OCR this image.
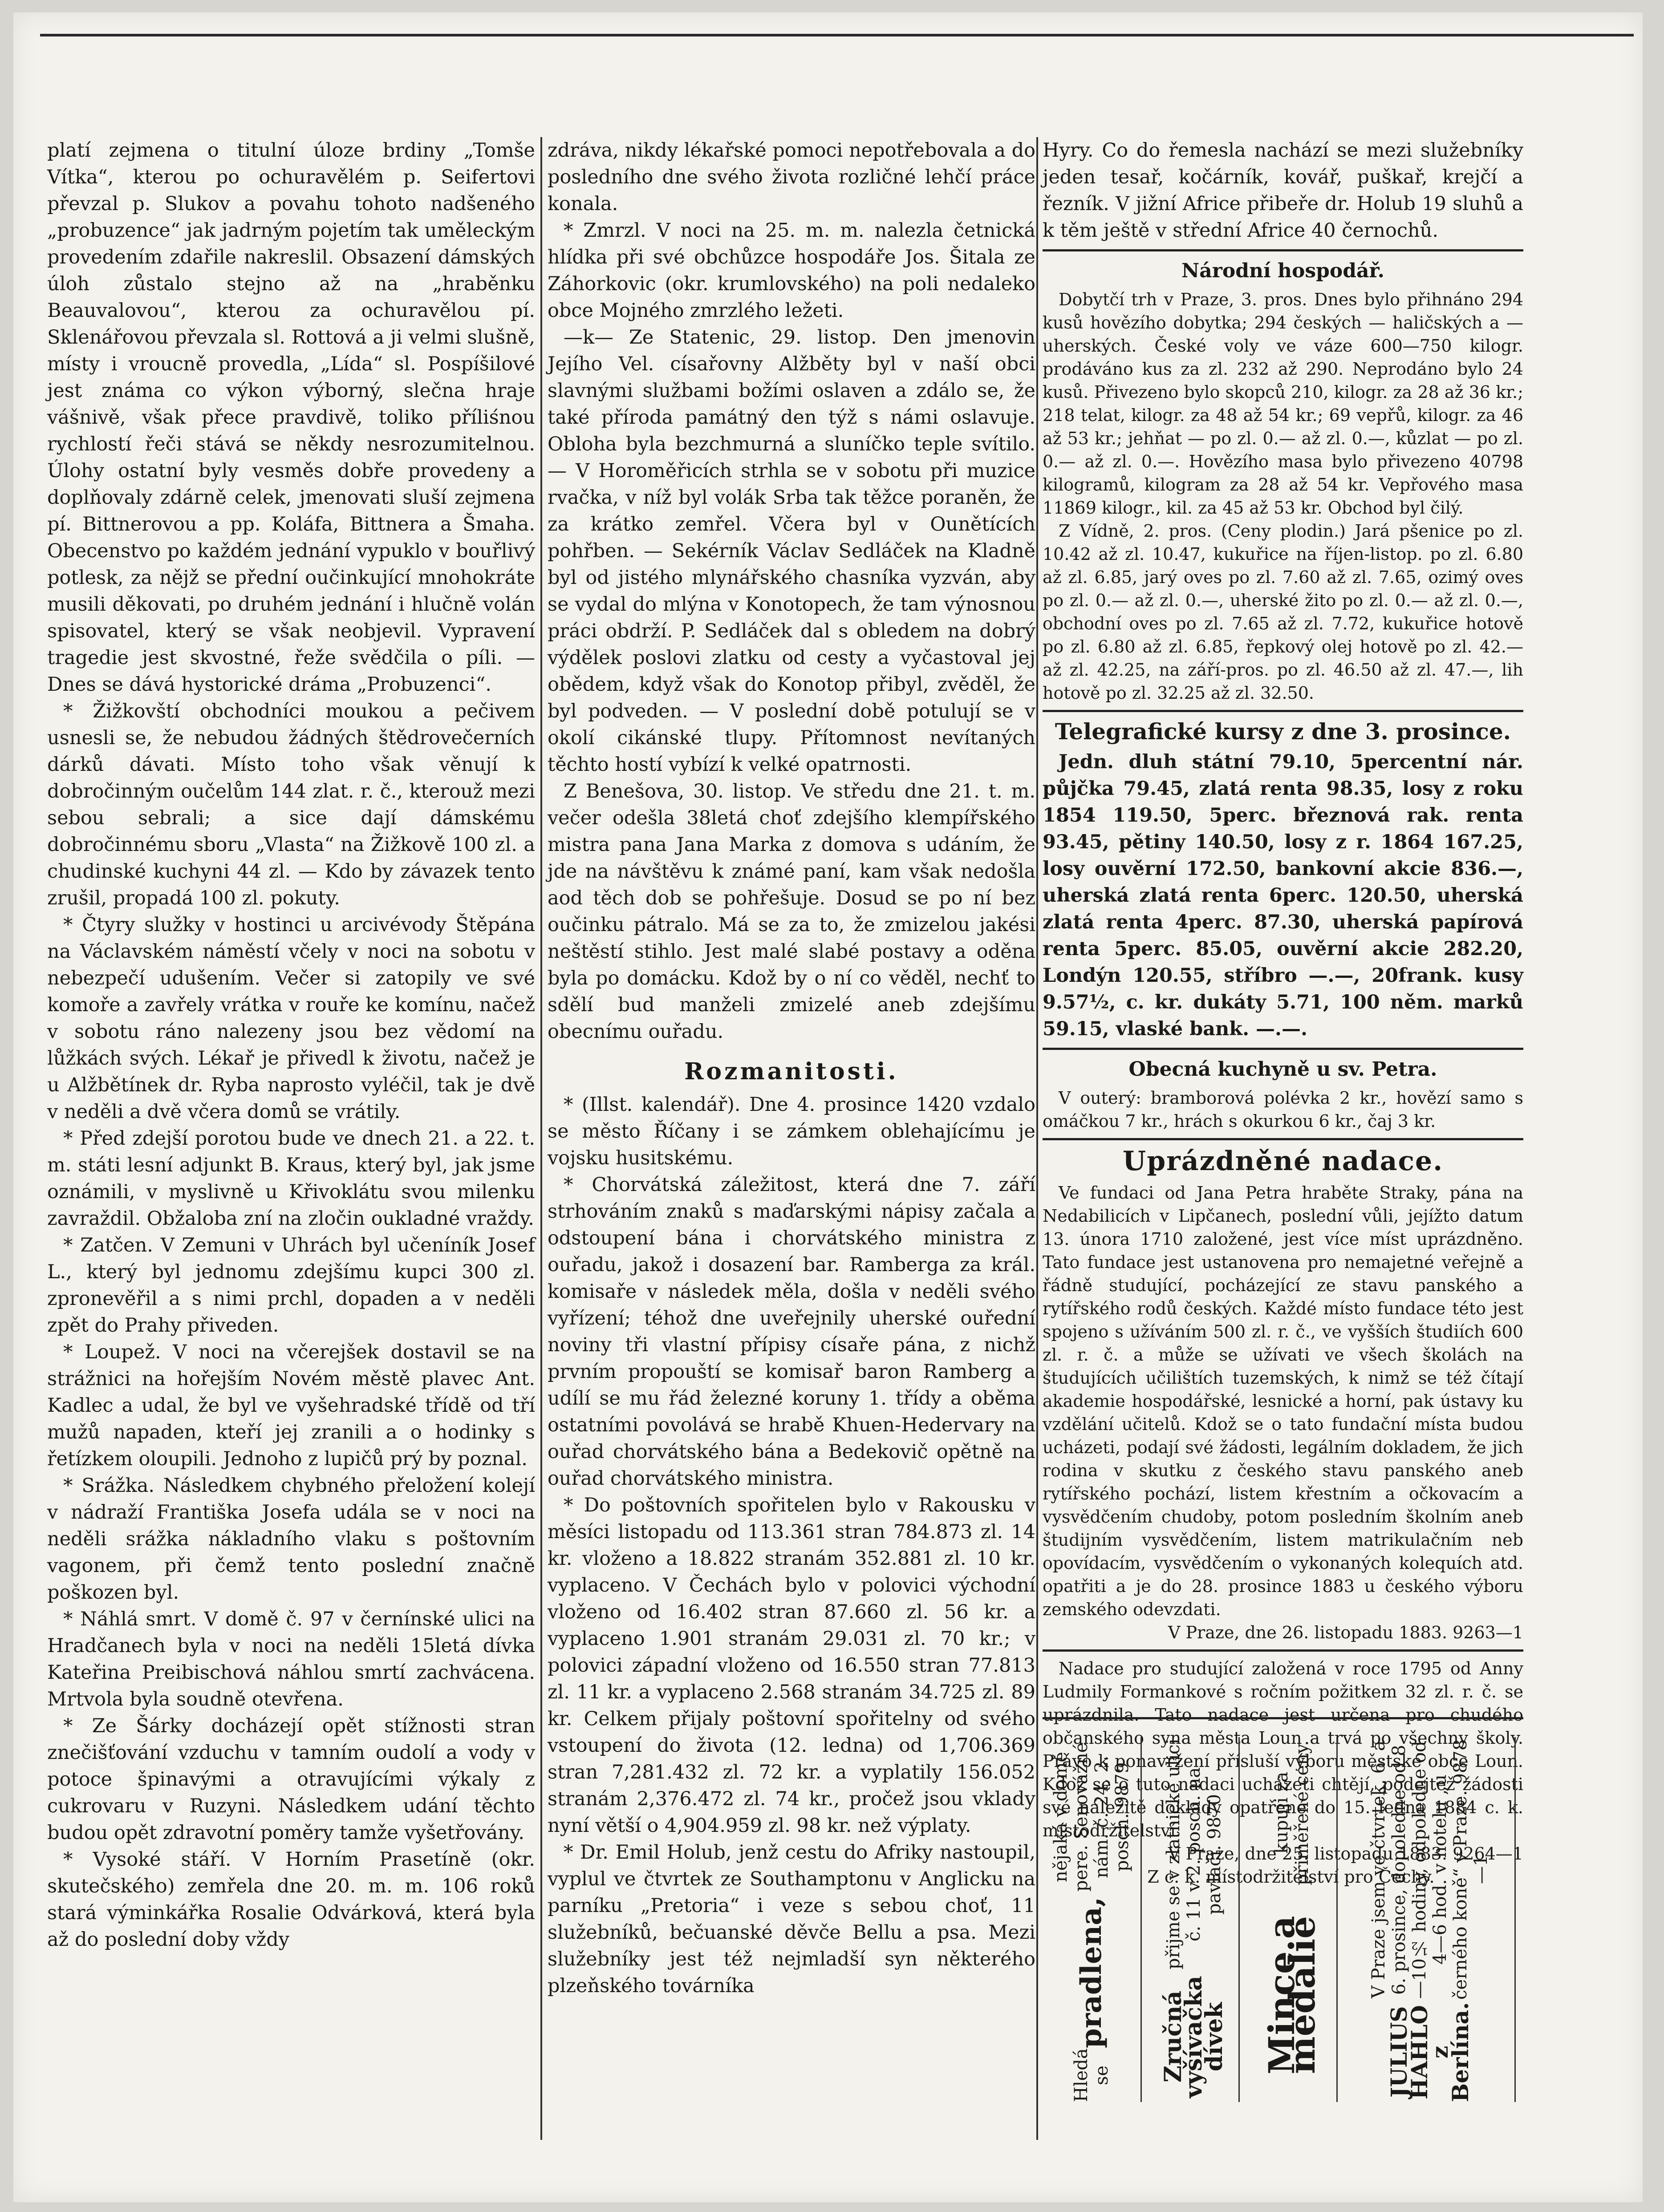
platí zejmena o titulní úloze brdiny „Tomše Vítka“, kterou po ochuravělém p. Seifertovi převzal p. Slukov a povahu tohoto nadšeného „probuzence“ jak jadrným pojetím tak uměleckým provedením zdařile nakreslil. Obsazení dámských úloh zůstalo stejno až na „hraběnku Beauvalovou“, kterou za ochuravělou pí. Sklenářovou převzala sl. Rottová a ji velmi slušně, místy i vroucně provedla, „Lída“ sl. Pospíšilové jest známa co výkon výborný, slečna hraje vášnivě, však přece pravdivě, toliko příliśnou rychlostí řeči stává se někdy nesrozumitelnou. Úlohy ostatní byly vesměs dobře provedeny a doplňovaly zdárně celek, jmenovati sluší zejmena pí. Bittnerovou a pp. Koláfa, Bittnera a Šmaha. Obecenstvo po každém jednání vypuklo v bouřlivý potlesk, za nějž se přední oučinkující mnohokráte musili děkovati, po druhém jednání i hlučně volán spisovatel, který se však neobjevil. Vypravení tragedie jest skvostné, řeže svědčila o píli. — Dnes se dává hystorické dráma „Probuzenci“.

* Žižkovští obchodníci moukou a pečivem usnesli se, že nebudou žádných štědrovečerních dárků dávati. Místo toho však věnují k dobročinným oučelům 144 zlat. r. č., kterouž mezi sebou sebrali; a sice dají dámskému dobročinnému sboru „Vlasta“ na Žižkově 100 zl. a chudinské kuchyni 44 zl. — Kdo by závazek tento zrušil, propadá 100 zl. pokuty.

* Čtyry služky v hostinci u arcivévody Štěpána na Václavském náměstí včely v noci na sobotu v nebezpečí udušením. Večer si zatopily ve své komoře a zavřely vrátka v rouře ke komínu, načež v sobotu ráno nalezeny jsou bez vědomí na lůžkách svých. Lékař je přivedl k životu, načež je u Alžbětínek dr. Ryba naprosto vyléčil, tak je dvě v neděli a dvě včera domů se vrátily.

* Před zdejší porotou bude ve dnech 21. a 22. t. m. státi lesní adjunkt B. Kraus, který byl, jak jsme oznámili, v myslivně u Křivoklátu svou milenku zavraždil. Obžaloba zní na zločin oukladné vraždy.

* Zatčen. V Zemuni v Uhrách byl učeníník Josef L., který byl jednomu zdejšímu kupci 300 zl. zpronevěřil a s nimi prchl, dopaden a v neděli zpět do Prahy přiveden.

* Loupež. V noci na včerejšek dostavil se na strážnici na hořejším Novém městě plavec Ant. Kadlec a udal, že byl ve vyšehradské třídě od tří mužů napaden, kteří jej zranili a o hodinky s řetízkem oloupili. Jednoho z lupičů prý by poznal.

* Srážka. Následkem chybného přeložení kolejí v nádraží Františka Josefa udála se v noci na neděli srážka nákladního vlaku s poštovním vagonem, při čemž tento poslední značně poškozen byl.

* Náhlá smrt. V domě č. 97 v černínské ulici na Hradčanech byla v noci na neděli 15letá dívka Kateřina Preibischová náhlou smrtí zachvácena. Mrtvola byla soudně otevřena.

* Ze Šárky docházejí opět stížnosti stran znečišťování vzduchu v tamním oudolí a vody v potoce špinavými a otravujícími výkaly z cukrovaru v Ruzyni. Následkem udání těchto budou opět zdravotní poměry tamže vyšetřovány.

* Vysoké stáří. V Horním Prasetíně (okr. skutečského) zemřela dne 20. m. m. 106 roků stará výminkářka Rosalie Odvárková, která byla až do poslední doby vždy

zdráva, nikdy lékařské pomoci nepotřebovala a do posledního dne svého života rozličné lehčí práce konala.

* Zmrzl. V noci na 25. m. m. nalezla četnická hlídka při své obchůzce hospodáře Jos. Šitala ze Záhorkovic (okr. krumlovského) na poli nedaleko obce Mojného zmrzlého ležeti.

—k— Ze Statenic, 29. listop. Den jmenovin Jejího Vel. císařovny Alžběty byl v naší obci slavnými službami božími oslaven a zdálo se, že také příroda památný den týž s námi oslavuje. Obloha byla bezchmurná a sluníčko teple svítilo. — V Horoměřicích strhla se v sobotu při muzice rvačka, v níž byl volák Srba tak těžce poraněn, že za krátko zemřel. Včera byl v Ounětících pohřben. — Sekérník Václav Sedláček na Kladně byl od jistého mlynářského chasníka vyzván, aby se vydal do mlýna v Konotopech, že tam výnosnou práci obdrží. P. Sedláček dal s obledem na dobrý výdělek poslovi zlatku od cesty a vyčastoval jej obědem, když však do Konotop přibyl, zvěděl, že byl podveden. — V poslední době potulují se v okolí cikánské tlupy. Přítomnost nevítaných těchto hostí vybízí k velké opatrnosti.

Z Benešova, 30. listop. Ve středu dne 21. t. m. večer odešla 38letá choť zdejšího klempířského mistra pana Jana Marka z domova s udáním, že jde na návštěvu k známé paní, kam však nedošla aod těch dob se pohřešuje. Dosud se po ní bez oučinku pátralo. Má se za to, že zmizelou jakési neštěstí stihlo. Jest malé slabé postavy a oděna byla po domácku. Kdož by o ní co věděl, nechť to sdělí bud manželi zmizelé aneb zdejšímu obecnímu ouřadu.

Rozmanitosti.

* (Illst. kalendář). Dne 4. prosince 1420 vzdalo se město Říčany i se zámkem oblehajícímu je vojsku husitskému.

* Chorvátská záležitost, která dne 7. září strhováním znaků s maďarskými nápisy začala a odstoupení bána i chorvátského ministra z ouřadu, jakož i dosazení bar. Ramberga za král. komisaře v následek měla, došla v neděli svého vyřízení; téhož dne uveřejnily uherské ouřední noviny tři vlastní přípisy císaře pána, z nichž prvním propouští se komisař baron Ramberg a udílí se mu řád železné koruny 1. třídy a oběma ostatními povolává se hrabě Khuen-Hedervary na ouřad chorvátského bána a Bedekovič opětně na ouřad chorvátského ministra.

* Do poštovních spořitelen bylo v Rakousku v měsíci listopadu od 113.361 stran 784.873 zl. 14 kr. vloženo a 18.822 stranám 352.881 zl. 10 kr. vyplaceno. V Čechách bylo v polovici východní vloženo od 16.402 stran 87.660 zl. 56 kr. a vyplaceno 1.901 stranám 29.031 zl. 70 kr.; v polovici západní vloženo od 16.550 stran 77.813 zl. 11 kr. a vyplaceno 2.568 stranám 34.725 zl. 89 kr. Celkem přijaly poštovní spořitelny od svého vstoupení do života (12. ledna) od 1,706.369 stran 7,281.432 zl. 72 kr. a vyplatily 156.052 stranám 2,376.472 zl. 74 kr., pročež jsou vklady nyní větší o 4,904.959 zl. 98 kr. než výplaty.

* Dr. Emil Holub, jenž cestu do Afriky nastoupil, vyplul ve čtvrtek ze Southamptonu v Anglicku na parníku „Pretoria“ i veze s sebou choť, 11 služebníků, bečuanské děvče Bellu a psa. Mezi služebníky jest též nejmladší syn některého plzeňského továrníka

Hyry. Co do řemesla nachází se mezi služebníky jeden tesař, kočárník, kovář, puškař, krejčí a řezník. V jižní Africe přibeře dr. Holub 19 sluhů a k těm ještě v střední Africe 40 černochů.

Národní hospodář.

Dobytčí trh v Praze, 3. pros. Dnes bylo přihnáno 294 kusů hovězího dobytka; 294 českých — haličských a — uherských. České voly ve váze 600—750 kilogr. prodáváno kus za zl. 232 až 290. Neprodáno bylo 24 kusů. Přivezeno bylo skopců 210, kilogr. za 28 až 36 kr.; 218 telat, kilogr. za 48 až 54 kr.; 69 vepřů, kilogr. za 46 až 53 kr.; jehňat — po zl. 0.— až zl. 0.—, kůzlat — po zl. 0.— až zl. 0.—. Hovězího masa bylo přivezeno 40798 kilogramů, kilogram za 28 až 54 kr. Vepřového masa 11869 kilogr., kil. za 45 až 53 kr. Obchod byl čilý.

Z Vídně, 2. pros. (Ceny plodin.) Jará pšenice po zl. 10.42 až zl. 10.47, kukuřice na říjen-listop. po zl. 6.80 až zl. 6.85, jarý oves po zl. 7.60 až zl. 7.65, ozimý oves po zl. 0.— až zl. 0.—, uherské žito po zl. 0.— až zl. 0.—, obchodní oves po zl. 7.65 až zl. 7.72, kukuřice hotově po zl. 6.80 až zl. 6.85, řepkový olej hotově po zl. 42.— až zl. 42.25, na září-pros. po zl. 46.50 až zl. 47.—, lih hotově po zl. 32.25 až zl. 32.50.

Telegrafické kursy z dne 3. prosince.

Jedn. dluh státní 79.10, 5percentní nár. půjčka 79.45, zlatá renta 98.35, losy z roku 1854 119.50, 5perc. březnová rak. renta 93.45, pětiny 140.50, losy z r. 1864 167.25, losy ouvěrní 172.50, bankovní akcie 836.—, uherská zlatá renta 6perc. 120.50, uherská zlatá renta 4perc. 87.30, uherská papírová renta 5perc. 85.05, ouvěrní akcie 282.20, Londýn 120.55, stříbro —.—, 20frank. kusy 9.57½, c. kr. dukáty 5.71, 100 něm. marků 59.15, vlaské bank. —.—.

Obecná kuchyně u sv. Petra.

V outerý: bramborová polévka 2 kr., hovězí samo s omáčkou 7 kr., hrách s okurkou 6 kr., čaj 3 kr.

Uprázdněné nadace.

Ve fundaci od Jana Petra hraběte Straky, pána na Nedabilicích v Lipčanech, poslední vůli, jejížto datum 13. února 1710 založené, jest více míst uprázdněno. Tato fundace jest ustanovena pro nemajetné veřejně a řádně studující, pocházející ze stavu panského a rytířského rodů českých. Každé místo fundace této jest spojeno s užíváním 500 zl. r. č., ve vyšších študiích 600 zl. r. č. a může se užívati ve všech školách na študujících učilištích tuzemských, k nimž se též čítají akademie hospodářské, lesnické a horní, pak ústavy ku vzdělání učitelů. Kdož se o tato fundační místa budou ucházeti, podají své žádosti, legálním dokladem, že jich rodina v skutku z českého stavu panského aneb rytířského pochází, listem křestním a očkovacím a vysvědčením chudoby, potom posledním školním aneb študijním vysvědčením, listem matrikulačním neb opovídacím, vysvědčením o vykonaných kolequích atd. opatřiti a je do 28. prosince 1883 u českého výboru zemského odevzdati.

V Praze, dne 26. listopadu 1883. 9263—1

Nadace pro studující založená v roce 1795 od Anny Ludmily Formankové s ročním požitkem 32 zl. r. č. se uprázdnila. Tato nadace jest určena pro chudého občanského syna města Loun a trvá po všechny školy. Právo k ponavržení přísluší výboru městské obce Loun. Kdož se o tuto nadaci ucházeti chtějí, podejtež žádosti své náležitě doklady opatřené do 15. ledna 1884 c. k. místodržitelství.

V Praze, dne 25. listopadu 1883. 9264—1

Z c. k. místodržitelství pro Čechy.

Hledá se

pradlena,

nějaká v domě pere. Senovážné nám. č. 24, 2. posch. 9879
Zručná vyšívačka dívek

přijme se v zlatnické ulici č. 11 v 2. posch. na pavlači. 9870
Mince a medalie

kupuji za přiměřené ceny.
JULIUS HAHLO z Berlína.

V Praze jsem ve čtvrtek, 6. a 6. prosince, dopoledne od 8—10½ hodiny, odpoledne od 4—6 hod. v hotelu „u černého koně“ v Praze. 9878—1
